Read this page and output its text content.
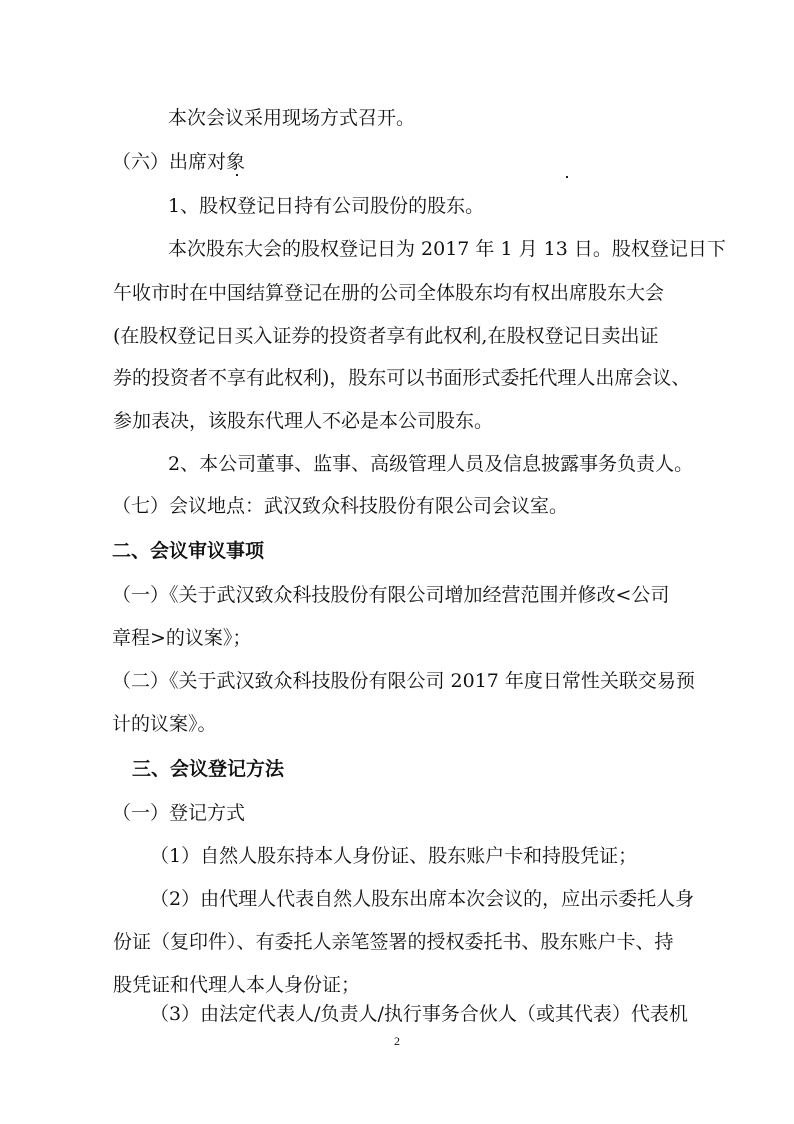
本次会议采用现场方式召开。
（六）出席对象
1、股权登记日持有公司股份的股东。
本次股东大会的股权登记日为 2017 年 1 月 13 日。股权登记日下
午收市时在中国结算登记在册的公司全体股东均有权出席股东大会
(在股权登记日买入证券的投资者享有此权利,在股权登记日卖出证
券的投资者不享有此权利)，股东可以书面形式委托代理人出席会议、
参加表决，该股东代理人不必是本公司股东。
2、本公司董事、监事、高级管理人员及信息披露事务负责人。
（七）会议地点：武汉致众科技股份有限公司会议室。
二、会议审议事项
（一）《关于武汉致众科技股份有限公司增加经营范围并修改<公司
章程>的议案》；
（二）《关于武汉致众科技股份有限公司 2017 年度日常性关联交易预
计的议案》。
三、会议登记方法
（一）登记方式
（1）自然人股东持本人身份证、股东账户卡和持股凭证；
（2）由代理人代表自然人股东出席本次会议的，应出示委托人身
份证（复印件）、有委托人亲笔签署的授权委托书、股东账户卡、持
股凭证和代理人本人身份证；
（3）由法定代表人/负责人/执行事务合伙人（或其代表）代表机
2
